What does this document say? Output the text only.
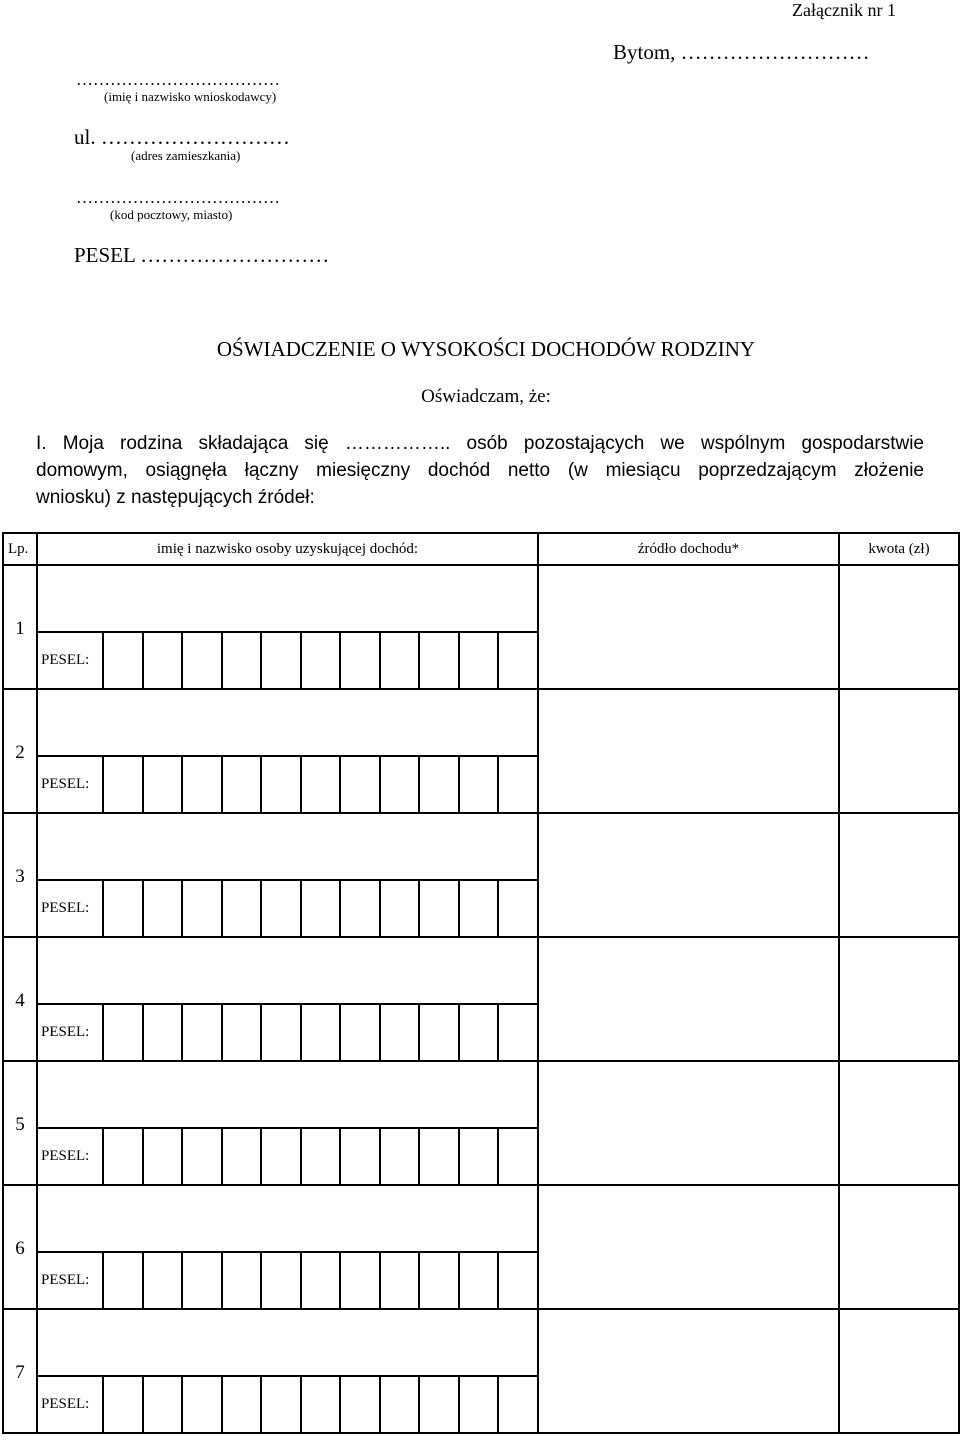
Załącznik nr 1
Bytom, ………………………
………………………………
(imię i nazwisko wnioskodawcy)
ul. ………………………
(adres zamieszkania)
………………………………
(kod pocztowy, miasto)
PESEL ………………………
OŚWIADCZENIE O WYSOKOŚCI DOCHODÓW RODZINY
Oświadczam, że:
I. Moja rodzina składająca się …………….. osób pozostających we wspólnym gospodarstwie
domowym, osiągnęła łączny miesięczny dochód netto (w miesiącu poprzedzającym złożenie
wniosku) z następujących źródeł:
Lp.	imię i nazwisko osoby uzyskującej dochód:	źródło dochodu*	kwota (zł)

1	PESEL:		

2	PESEL:		

3	PESEL:		

4	PESEL:		

5	PESEL:		

6	PESEL:		

7	PESEL:		
